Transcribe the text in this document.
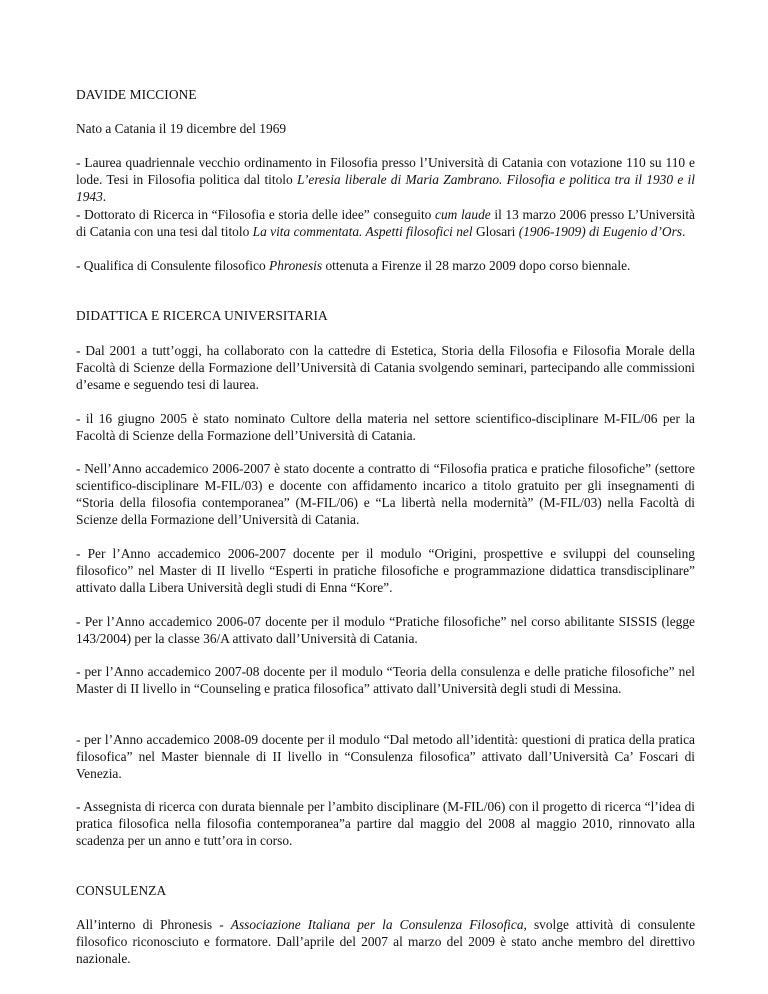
DAVIDE MICCIONE
Nato a Catania il 19 dicembre del 1969

- Laurea quadriennale vecchio ordinamento in Filosofia presso l’Università di Catania con votazione 110 su 110 e lode. Tesi in Filosofia politica dal titolo L’eresia liberale di Maria Zambrano. Filosofia e politica tra il 1930 e il 1943.

- Dottorato di Ricerca in “Filosofia e storia delle idee” conseguito cum laude il 13 marzo 2006 presso L’Università di Catania con una tesi dal titolo La vita commentata. Aspetti filosofici nel Glosari (1906-1909) di Eugenio d’Ors.

- Qualifica di Consulente filosofico Phronesis ottenuta a Firenze il 28 marzo 2009 dopo corso biennale.

DIDATTICA E RICERCA UNIVERSITARIA

- Dal 2001 a tutt’oggi, ha collaborato con la cattedre di Estetica, Storia della Filosofia e Filosofia Morale della Facoltà di Scienze della Formazione dell’Università di Catania svolgendo seminari, partecipando alle commissioni d’esame e seguendo tesi di laurea.

- il 16 giugno 2005 è stato nominato Cultore della materia nel settore scientifico-disciplinare M-FIL/06 per la Facoltà di Scienze della Formazione dell’Università di Catania.

- Nell’Anno accademico 2006-2007 è stato docente a contratto di “Filosofia pratica e pratiche filosofiche” (settore scientifico-disciplinare M-FIL/03) e docente con affidamento incarico a titolo gratuito per gli insegnamenti di “Storia della filosofia contemporanea” (M-FIL/06) e “La libertà nella modernità” (M-FIL/03) nella Facoltà di Scienze della Formazione dell’Università di Catania.

- Per l’Anno accademico 2006-2007 docente per il modulo “Origini, prospettive e sviluppi del counseling filosofico” nel Master di II livello “Esperti in pratiche filosofiche e programmazione didattica transdisciplinare” attivato dalla Libera Università degli studi di Enna “Kore”.

- Per l’Anno accademico 2006-07 docente per il modulo “Pratiche filosofiche” nel corso abilitante SISSIS (legge 143/2004) per la classe 36/A attivato dall’Università di Catania.

- per l’Anno accademico 2007-08 docente per il modulo “Teoria della consulenza e delle pratiche filosofiche” nel Master di II livello in “Counseling e pratica filosofica” attivato dall’Università degli studi di Messina.

- per l’Anno accademico 2008-09 docente per il modulo “Dal metodo all’identità: questioni di pratica della pratica filosofica” nel Master biennale di II livello in “Consulenza filosofica” attivato dall’Università Ca’ Foscari di Venezia.

- Assegnista di ricerca con durata biennale per l’ambito disciplinare (M-FIL/06) con il progetto di ricerca “l’idea di pratica filosofica nella filosofia contemporanea”a partire dal maggio del 2008 al maggio 2010, rinnovato alla scadenza per un anno e tutt’ora in corso.

CONSULENZA

All’interno di Phronesis - Associazione Italiana per la Consulenza Filosofica, svolge attività di consulente filosofico riconosciuto e formatore. Dall’aprile del 2007 al marzo del 2009 è stato anche membro del direttivo nazionale.
